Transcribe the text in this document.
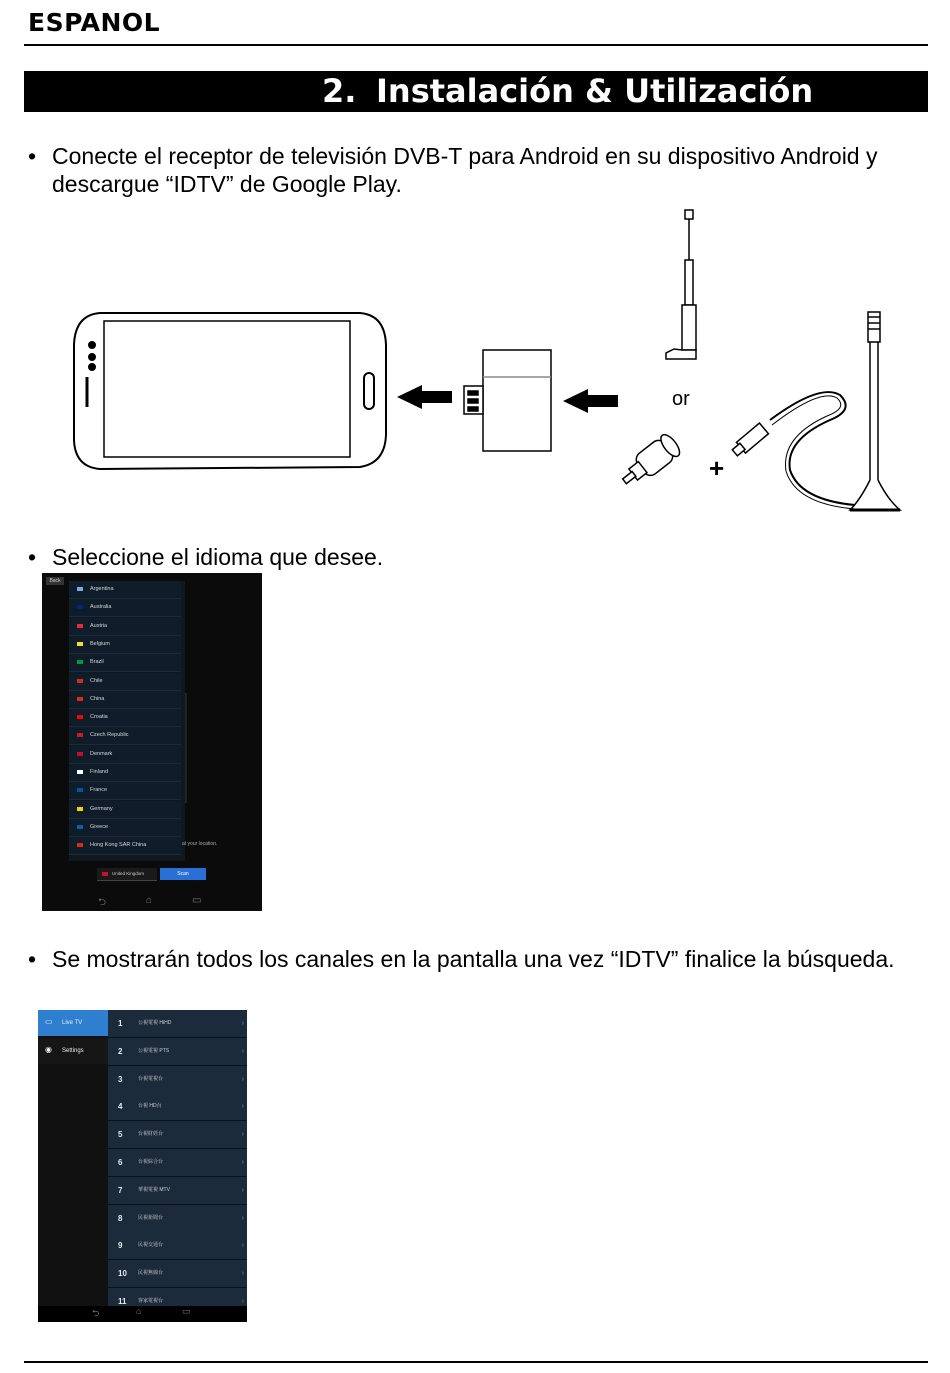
ESPANOL
2. Instalación & Utilización
• Conecte el receptor de televisión DVB-T para Android en su dispositivo Android y descargue “IDTV” de Google Play.
or
+
• Seleccione el idioma que desee.
Back
Argentina
Australia
Austria
Belgium
Brazil
Chile
China
Croatia
Czech Republic
Denmark
Finland
France
Germany
Greece
Hong Kong SAR China	at your location.
United Kingdom	Scan
⮌	⌂	▭
• Se mostrarán todos los canales en la pantalla una vez “IDTV” finalice la búsqueda.
▭	Live TV
◉	Settings
1	公視電視 HiHD	›
2	公視電視 PTS	›
3	台視電視台	›
4	台視 HD台	›
5	台視財經台	›
6	台視綜合台	›
7	華視電視 MTV	›
8	民視新聞台	›
9	民視交通台	›
10 民視無線台	›
11 客家電視台	›
⮌	⌂	▭
